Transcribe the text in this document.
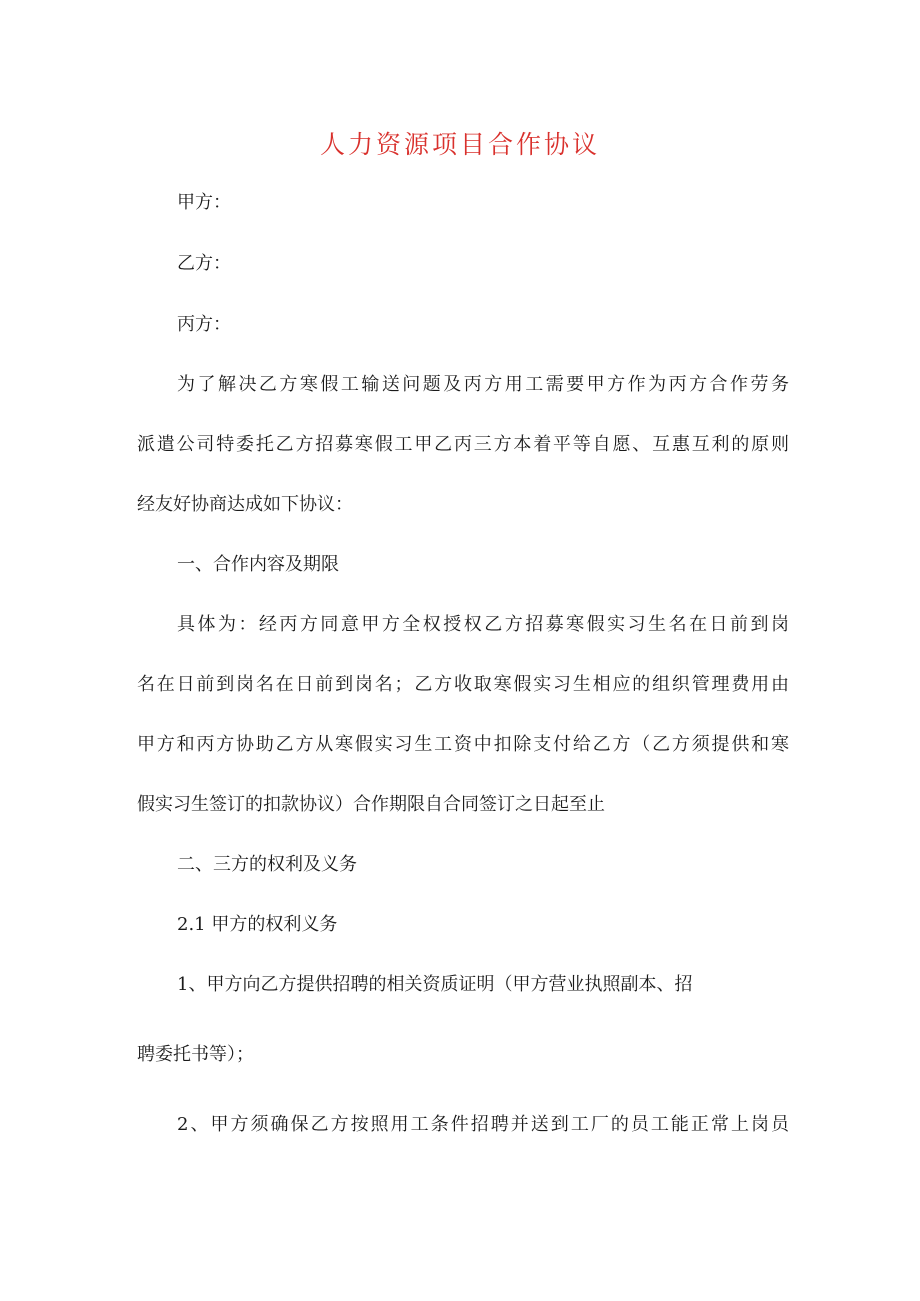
人力资源项目合作协议
甲方：
乙方：
丙方：
为了解决乙方寒假工输送问题及丙方用工需要甲方作为丙方合作劳务
派遣公司特委托乙方招募寒假工甲乙丙三方本着平等自愿、互惠互利的原则
经友好协商达成如下协议：
一、合作内容及期限
具体为：经丙方同意甲方全权授权乙方招募寒假实习生名在日前到岗
名在日前到岗名在日前到岗名；乙方收取寒假实习生相应的组织管理费用由
甲方和丙方协助乙方从寒假实习生工资中扣除支付给乙方（乙方须提供和寒
假实习生签订的扣款协议）合作期限自合同签订之日起至止
二、三方的权利及义务
2.1 甲方的权利义务
1、甲方向乙方提供招聘的相关资质证明（甲方营业执照副本、招
聘委托书等）；
2、甲方须确保乙方按照用工条件招聘并送到工厂的员工能正常上岗员
